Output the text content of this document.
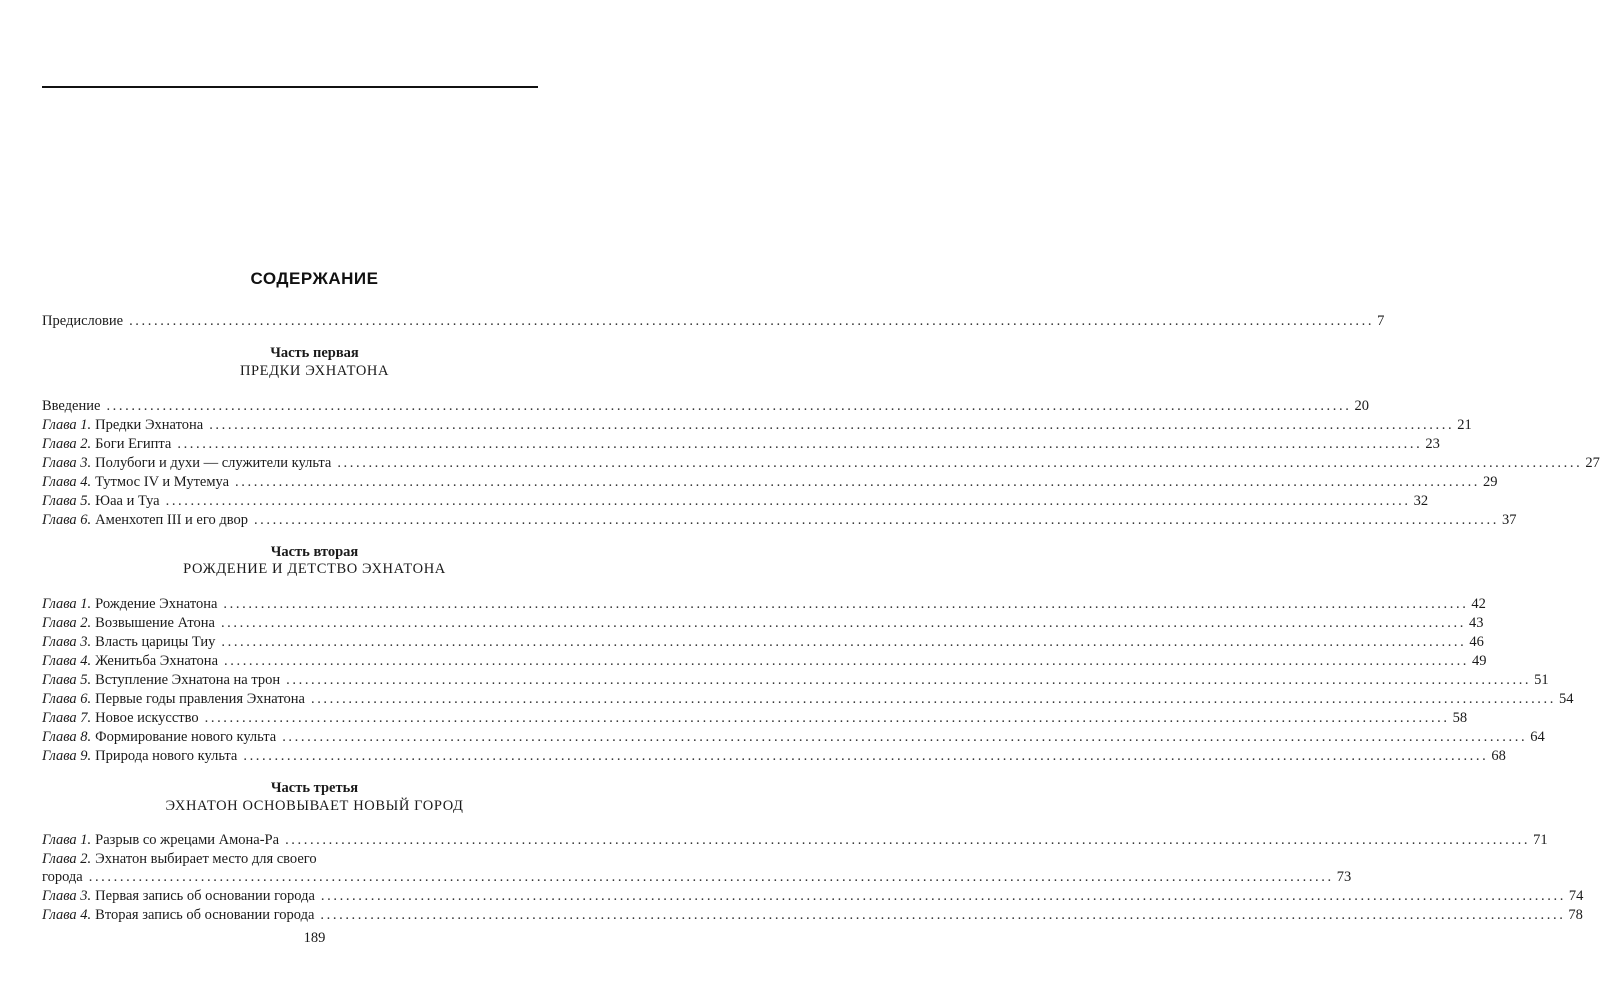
СОДЕРЖАНИЕ
Предисловие ........................................................................................................................................................................................................ 7
Часть первая
ПРЕДКИ ЭХНАТОНА
Введение ........................................................................................................................................................................................................ 20
Глава 1. Предки Эхнатона ........................................................................................................................................................................................................ 21
Глава 2. Боги Египта ........................................................................................................................................................................................................ 23
Глава 3. Полубоги и духи — служители культа ........................................................................................................................................................................................................ 27
Глава 4. Тутмос IV и Мутемуа ........................................................................................................................................................................................................ 29
Глава 5. Юаа и Туа ........................................................................................................................................................................................................ 32
Глава 6. Аменхотеп III и его двор ........................................................................................................................................................................................................ 37
Часть вторая
РОЖДЕНИЕ И ДЕТСТВО ЭХНАТОНА
Глава 1. Рождение Эхнатона ........................................................................................................................................................................................................ 42
Глава 2. Возвышение Атона ........................................................................................................................................................................................................ 43
Глава 3. Власть царицы Тиу ........................................................................................................................................................................................................ 46
Глава 4. Женитьба Эхнатона ........................................................................................................................................................................................................ 49
Глава 5. Вступление Эхнатона на трон ........................................................................................................................................................................................................ 51
Глава 6. Первые годы правления Эхнатона ........................................................................................................................................................................................................ 54
Глава 7. Новое искусство ........................................................................................................................................................................................................ 58
Глава 8. Формирование нового культа ........................................................................................................................................................................................................ 64
Глава 9. Природа нового культа ........................................................................................................................................................................................................ 68
Часть третья
ЭХНАТОН ОСНОВЫВАЕТ НОВЫЙ ГОРОД
Глава 1. Разрыв со жрецами Амона-Ра ........................................................................................................................................................................................................ 71
Глава 2. Эхнатон выбирает место для своего
города ........................................................................................................................................................................................................ 73
Глава 3. Первая запись об основании города ........................................................................................................................................................................................................ 74
Глава 4. Вторая запись об основании города ........................................................................................................................................................................................................ 78
189
